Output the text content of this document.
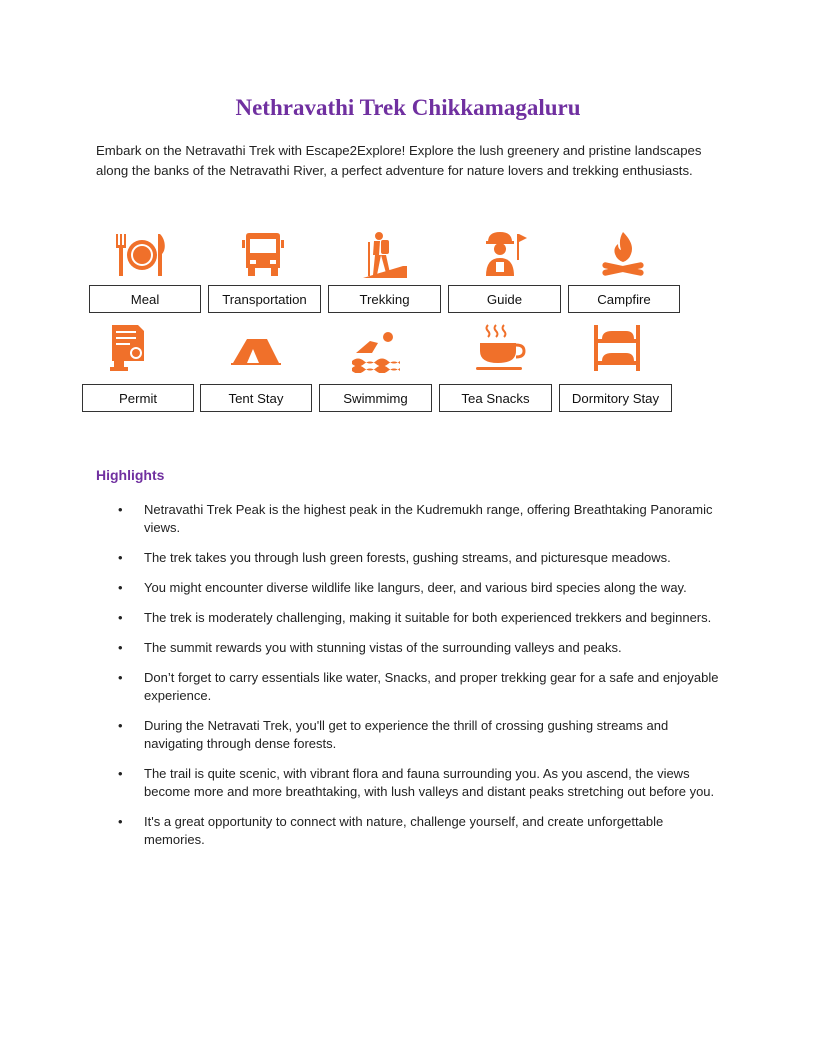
Nethravathi Trek Chikkamagaluru

Embark on the Netravathi Trek with Escape2Explore! Explore the lush greenery and pristine landscapes along the banks of the Netravathi River, a perfect adventure for nature lovers and trekking enthusiasts.

Meal	Transportation	Trekking	Guide	Campfire
Permit	Tent Stay	Swimmimg	Tea Snacks	Dormitory Stay
Highlights
• Netravathi Trek Peak is the highest peak in the Kudremukh range, offering Breathtaking Panoramic views.
• The trek takes you through lush green forests, gushing streams, and picturesque meadows.
• You might encounter diverse wildlife like langurs, deer, and various bird species along the way.
• The trek is moderately challenging, making it suitable for both experienced trekkers and beginners.
• The summit rewards you with stunning vistas of the surrounding valleys and peaks.
• Don’t forget to carry essentials like water, Snacks, and proper trekking gear for a safe and enjoyable experience.
• During the Netravati Trek, you'll get to experience the thrill of crossing gushing streams and navigating through dense forests.
• The trail is quite scenic, with vibrant flora and fauna surrounding you. As you ascend, the views become more and more breathtaking, with lush valleys and distant peaks stretching out before you.
• It's a great opportunity to connect with nature, challenge yourself, and create unforgettable memories.
